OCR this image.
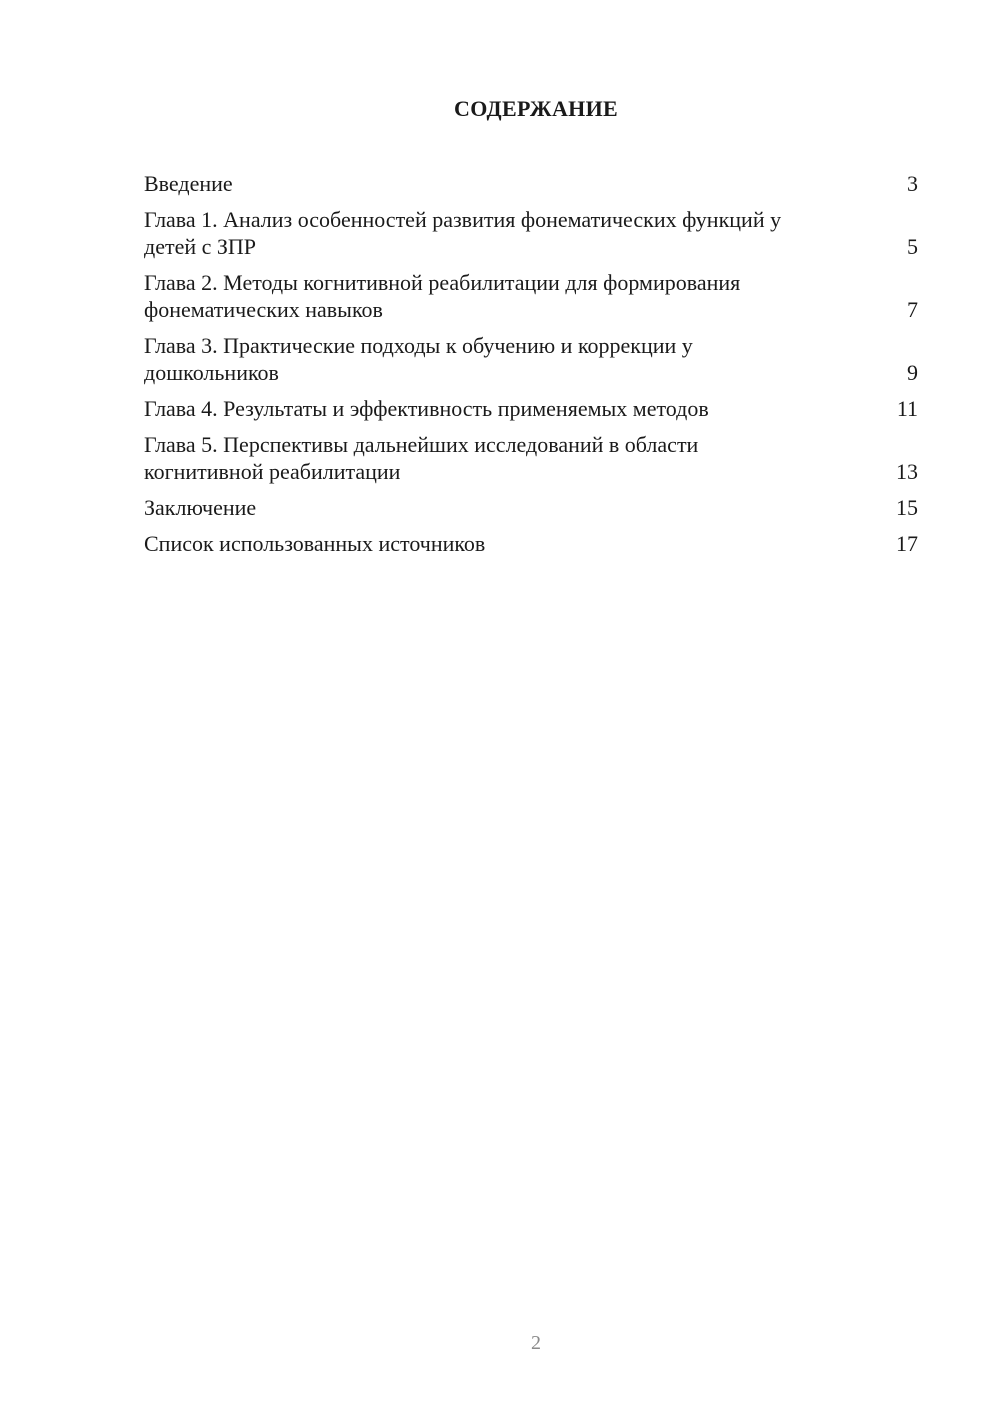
СОДЕРЖАНИЕ
Введение	3
Глава 1. Анализ особенностей развития фонематических функций у детей с ЗПР	5
Глава 2. Методы когнитивной реабилитации для формирования фонематических навыков	7
Глава 3. Практические подходы к обучению и коррекции у дошкольников	9
Глава 4. Результаты и эффективность применяемых методов	11
Глава 5. Перспективы дальнейших исследований в области когнитивной реабилитации	13
Заключение	15
Список использованных источников	17
2
